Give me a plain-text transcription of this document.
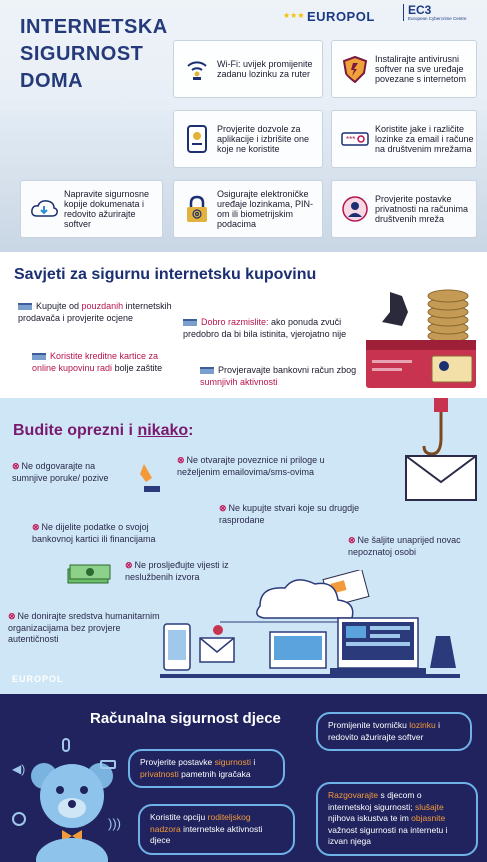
INTERNETSKA
SIGURNOST
DOMA
★★★ EUROPOL	EC3
European Cybercrime Centre
Wi-Fi: uvijek promijenite zadanu lozinku za ruter
Instalirajte antivirusni softver na sve uređaje povezane s internetom
Provjerite dozvole za aplikacije i izbrišite one koje ne koristite
***
Koristite jake i različite lozinke za email i račune na društvenim mrežama
Napravite sigurnosne kopije dokumenata i redovito ažurirajte softver
Osigurajte elektroničke uređaje lozinkama, PIN-om ili biometrijskim podacima
Provjerite postavke privatnosti na računima društvenih mreža
Savjeti za sigurnu internetsku kupovinu
Kupujte od pouzdanih internetskih prodavača i provjerite ocjene
Koristite kreditne kartice za online kupovinu radi bolje zaštite
Dobro razmislite: ako ponuda zvuči predobro da bi bila istinita, vjerojatno nije
Provjeravajte bankovni račun zbog sumnjivih aktivnosti
Budite oprezni i nikako:
⊗ Ne odgovarajte na sumnjive poruke/ pozive
⊗ Ne otvarajte poveznice ni priloge u neželjenim emailovima/sms-ovima
⊗ Ne kupujte stvari koje su drugdje rasprodane
⊗ Ne dijelite podatke o svojoj bankovnoj kartici ili financijama	⊗ Ne šaljite unaprijed novac nepoznatoj osobi
⊗ Ne prosljeđujte vijesti iz neslužbenih izvora
⊗ Ne donirajte sredstva humanitarnim organizacijama bez provjere autentičnosti
EUROPOL
Računalna sigurnost djece
◀)
)))
Provjerite postavke sigurnosti i privatnosti pametnih igračaka
Koristite opciju roditeljskog nadzora internetske aktivnosti djece
Promijenite tvorničku lozinku i redovito ažurirajte softver
Razgovarajte s djecom o internetskoj sigurnosti; slušajte njihova iskustva te im objasnite važnost sigurnosti na internetu i izvan njega
